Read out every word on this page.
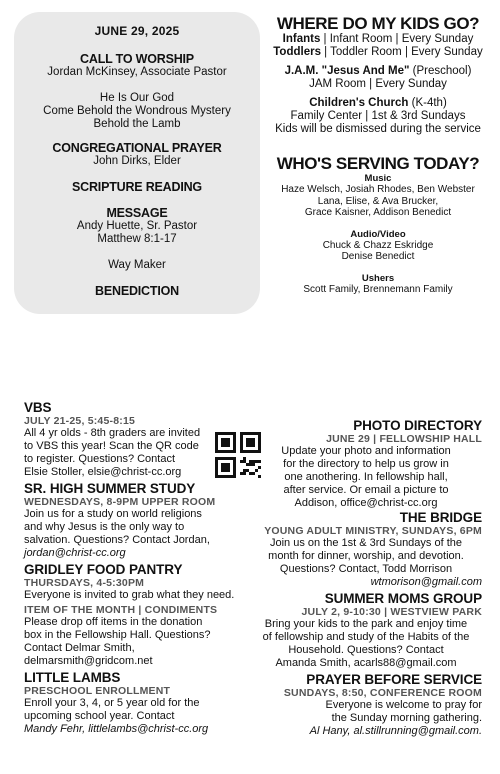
JUNE 29, 2025
CALL TO WORSHIP
Jordan McKinsey, Associate Pastor
He Is Our God
Come Behold the Wondrous Mystery
Behold the Lamb
CONGREGATIONAL PRAYER
John Dirks, Elder
SCRIPTURE READING
MESSAGE
Andy Huette, Sr. Pastor
Matthew 8:1-17
Way Maker
BENEDICTION
WHERE DO MY KIDS GO?
Infants | Infant Room | Every Sunday
Toddlers | Toddler Room | Every Sunday
J.A.M. "Jesus And Me" (Preschool)
JAM Room | Every Sunday
Children's Church (K-4th)
Family Center | 1st & 3rd Sundays
Kids will be dismissed during the service
WHO'S SERVING TODAY?
Music
Haze Welsch, Josiah Rhodes, Ben Webster
Lana, Elise, & Ava Brucker,
Grace Kaisner, Addison Benedict
Audio/Video
Chuck & Chazz Eskridge
Denise Benedict
Ushers
Scott Family, Brennemann Family
VBS
JULY 21-25, 5:45-8:15
All 4 yr olds - 8th graders are invited
to VBS this year! Scan the QR code
to register. Questions? Contact
Elsie Stoller, elsie@christ-cc.org
SR. HIGH SUMMER STUDY
WEDNESDAYS, 8-9PM UPPER ROOM
Join us for a study on world religions
and why Jesus is the only way to
salvation. Questions? Contact Jordan,
jordan@christ-cc.org
GRIDLEY FOOD PANTRY
THURSDAYS, 4-5:30PM
Everyone is invited to grab what they need.
ITEM OF THE MONTH | CONDIMENTS
Please drop off items in the donation
box in the Fellowship Hall. Questions?
Contact Delmar Smith,
delmarsmith@gridcom.net
LITTLE LAMBS
PRESCHOOL ENROLLMENT
Enroll your 3, 4, or 5 year old for the
upcoming school year. Contact
Mandy Fehr, littlelambs@christ-cc.org
PHOTO DIRECTORY
JUNE 29 | FELLOWSHIP HALL
Update your photo and information
for the directory to help us grow in
one anothering. In fellowship hall,
after service. Or email a picture to
Addison, office@christ-cc.org
THE BRIDGE
YOUNG ADULT MINISTRY, SUNDAYS, 6PM
Join us on the 1st & 3rd Sundays of the
month for dinner, worship, and devotion.
Questions? Contact, Todd Morrison
wtmorison@gmail.com
SUMMER MOMS GROUP
JULY 2, 9-10:30 | WESTVIEW PARK
Bring your kids to the park and enjoy time
of fellowship and study of the Habits of the
Household. Questions? Contact
Amanda Smith, acarls88@gmail.com
PRAYER BEFORE SERVICE
SUNDAYS, 8:50, CONFERENCE ROOM
Everyone is welcome to pray for
the Sunday morning gathering.
Al Hany, al.stillrunning@gmail.com.
